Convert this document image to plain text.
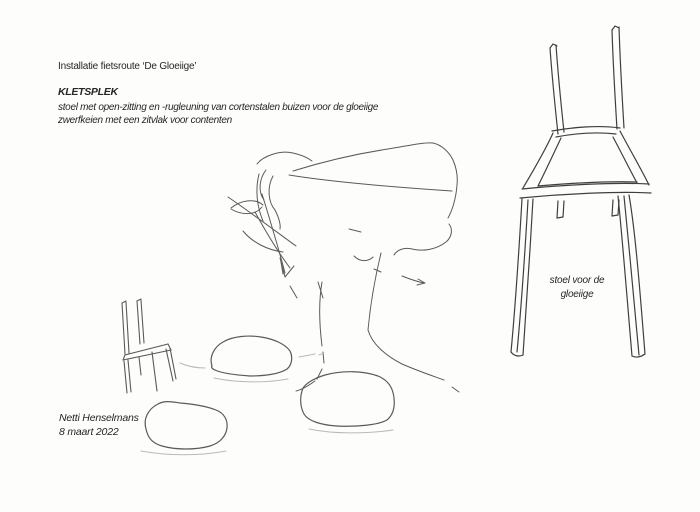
Installatie fietsroute ‘De Gloeiige’
KLETSPLEK
stoel met open-zitting en -rugleuning van cortenstalen buizen voor de gloeiige
zwerfkeien met een zitvlak voor contenten
stoel voor de
gloeiige
Netti Henselmans
8 maart 2022
